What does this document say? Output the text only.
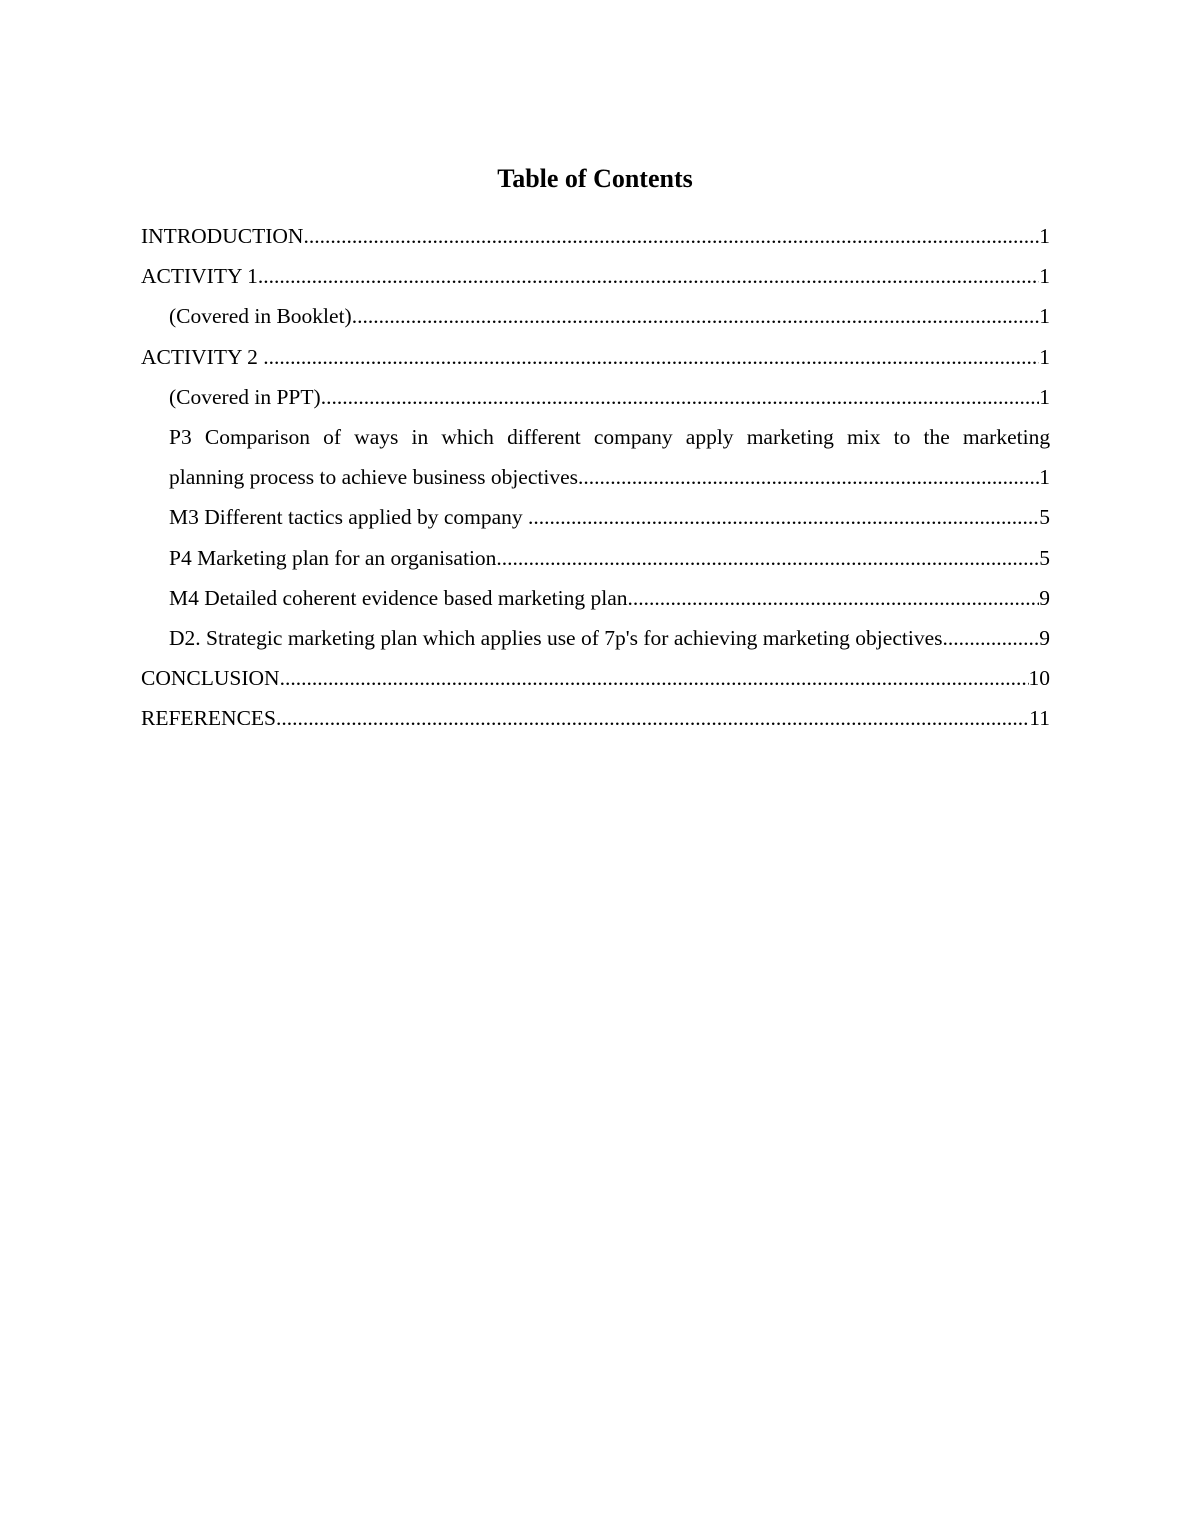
Table of Contents
INTRODUCTION .....	1
ACTIVITY 1 .....	1
(Covered in Booklet) .....	1
ACTIVITY 2 .....	1
(Covered in PPT) .....	1
P3 Comparison of ways in which different company apply marketing mix to the marketing
planning process to achieve business objectives .....	1
M3 Different tactics applied by company .....	5
P4 Marketing plan for an organisation .....	5
M4 Detailed coherent evidence based marketing plan .....	9
D2. Strategic marketing plan which applies use of 7p's for achieving marketing objectives .....	9
CONCLUSION .....	10
REFERENCES .....	11
